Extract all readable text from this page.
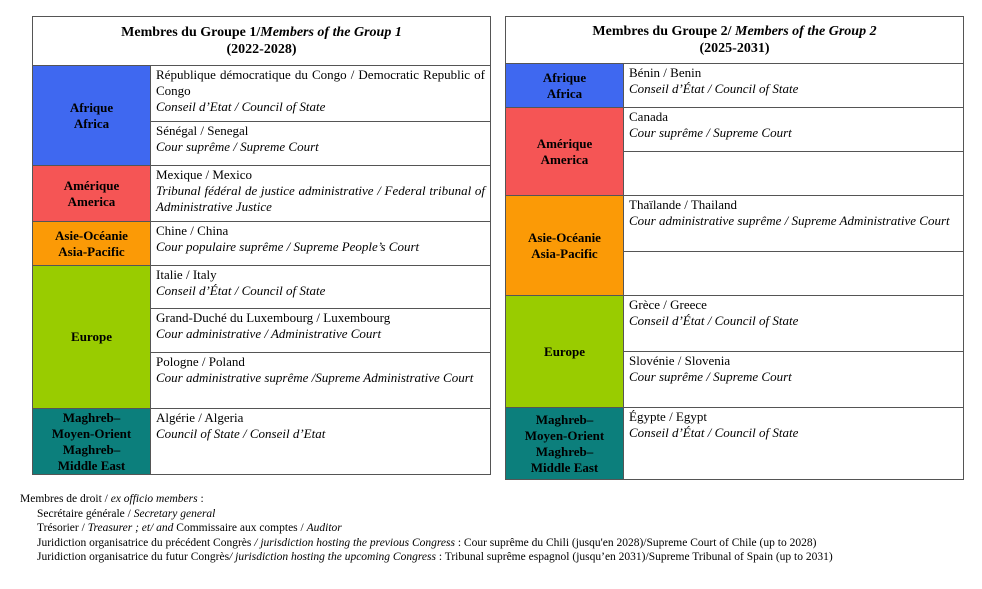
Membres du Groupe 1/Members of the Group 1
(2022-2028)	
Afrique
Africa	République démocratique du Congo / Democratic Republic of Congo
Conseil d’Etat / Council of State

	Sénégal / Senegal
Cour suprême / Supreme Court

Amérique
America	Mexique / Mexico
Tribunal fédéral de justice administrative / Federal tribunal of Administrative Justice

Asie-Océanie
Asia-Pacific	Chine / China
Cour populaire suprême / Supreme People’s Court

Europe	Italie / Italy
Conseil d’État / Council of State

	Grand-Duché du Luxembourg / Luxembourg
Cour administrative / Administrative Court

	Pologne / Poland
Cour administrative suprême /Supreme Administrative Court

Maghreb–
Moyen-Orient
Maghreb–
Middle East	Algérie / Algeria
Council of State / Conseil d’Etat
Membres du Groupe 2/ Members of the Group 2
(2025-2031)	
Afrique
Africa	Bénin / Benin
Conseil d’État / Council of State

Amérique
America	Canada
Cour suprême / Supreme Court

Asie-Océanie
Asia-Pacific	Thaïlande / Thailand
Cour administrative suprême / Supreme Administrative Court

Europe	Grèce / Greece
Conseil d’État / Council of State

	Slovénie / Slovenia
Cour suprême / Supreme Court

Maghreb–
Moyen-Orient
Maghreb–
Middle East	Égypte / Egypt
Conseil d’État / Council of State
Membres de droit / ex officio members :
Secrétaire générale / Secretary general
Trésorier / Treasurer ; et/ and Commissaire aux comptes / Auditor
Juridiction organisatrice du précédent Congrès / jurisdiction hosting the previous Congress : Cour suprême du Chili (jusqu'en 2028)/Supreme Court of Chile (up to 2028)
Juridiction organisatrice du futur Congrès/ jurisdiction hosting the upcoming Congress : Tribunal suprême espagnol (jusqu’en 2031)/Supreme Tribunal of Spain (up to 2031)
